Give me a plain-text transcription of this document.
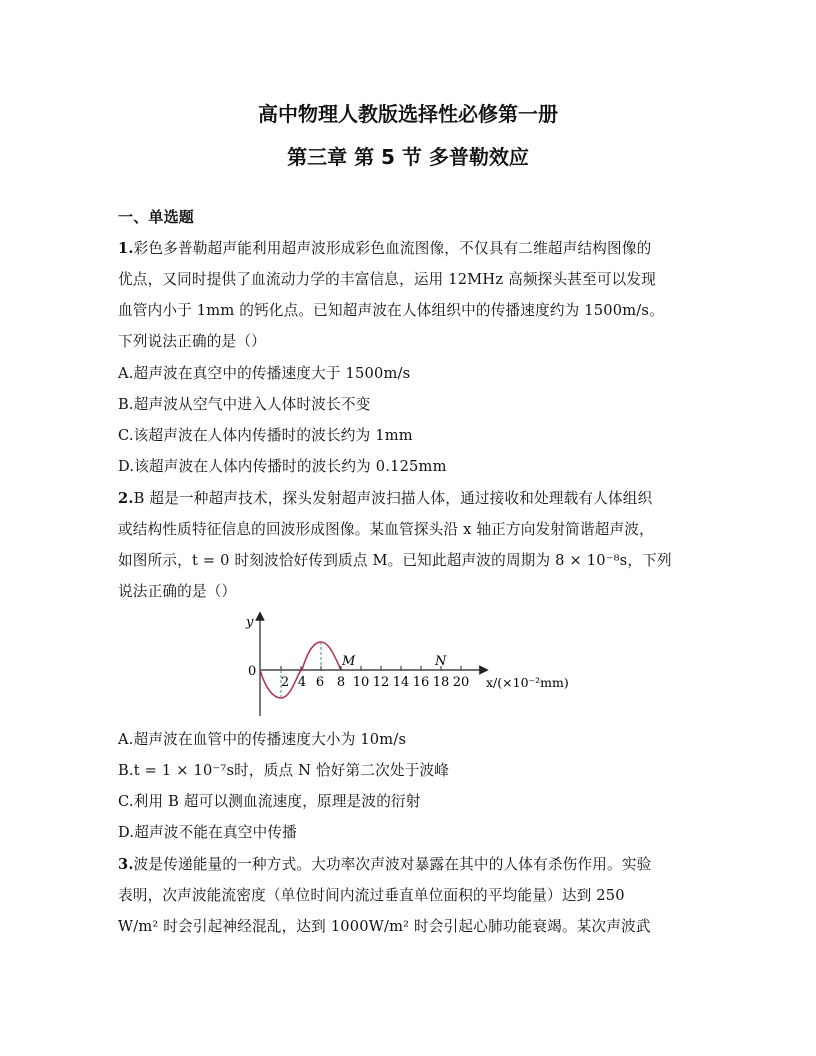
高中物理人教版选择性必修第一册
第三章 第 5 节 多普勒效应
一、单选题
1.彩色多普勒超声能利用超声波形成彩色血流图像，不仅具有二维超声结构图像的
优点，又同时提供了血流动力学的丰富信息，运用 12MHz 高频探头甚至可以发现
血管内小于 1mm 的钙化点。已知超声波在人体组织中的传播速度约为 1500m/s。
下列说法正确的是（）
A.超声波在真空中的传播速度大于 1500m/s
B.超声波从空气中进入人体时波长不变
C.该超声波在人体内传播时的波长约为 1mm
D.该超声波在人体内传播时的波长约为 0.125mm
2.B 超是一种超声技术，探头发射超声波扫描人体，通过接收和处理载有人体组织
或结构性质特征信息的回波形成图像。某血管探头沿 x 轴正方向发射简谐超声波，
如图所示，t = 0 时刻波恰好传到质点 M。已知此超声波的周期为 8 × 10⁻⁸s，下列
说法正确的是（）
y
0
2 4 6 8 10 12 14 16 18 20
M	N
x/(×10⁻²mm)
A.超声波在血管中的传播速度大小为 10m/s
B.t = 1 × 10⁻⁷s时，质点 N 恰好第二次处于波峰
C.利用 B 超可以测血流速度，原理是波的衍射
D.超声波不能在真空中传播
3.波是传递能量的一种方式。大功率次声波对暴露在其中的人体有杀伤作用。实验
表明，次声波能流密度（单位时间内流过垂直单位面积的平均能量）达到 250
W/m² 时会引起神经混乱，达到 1000W/m² 时会引起心肺功能衰竭。某次声波武
